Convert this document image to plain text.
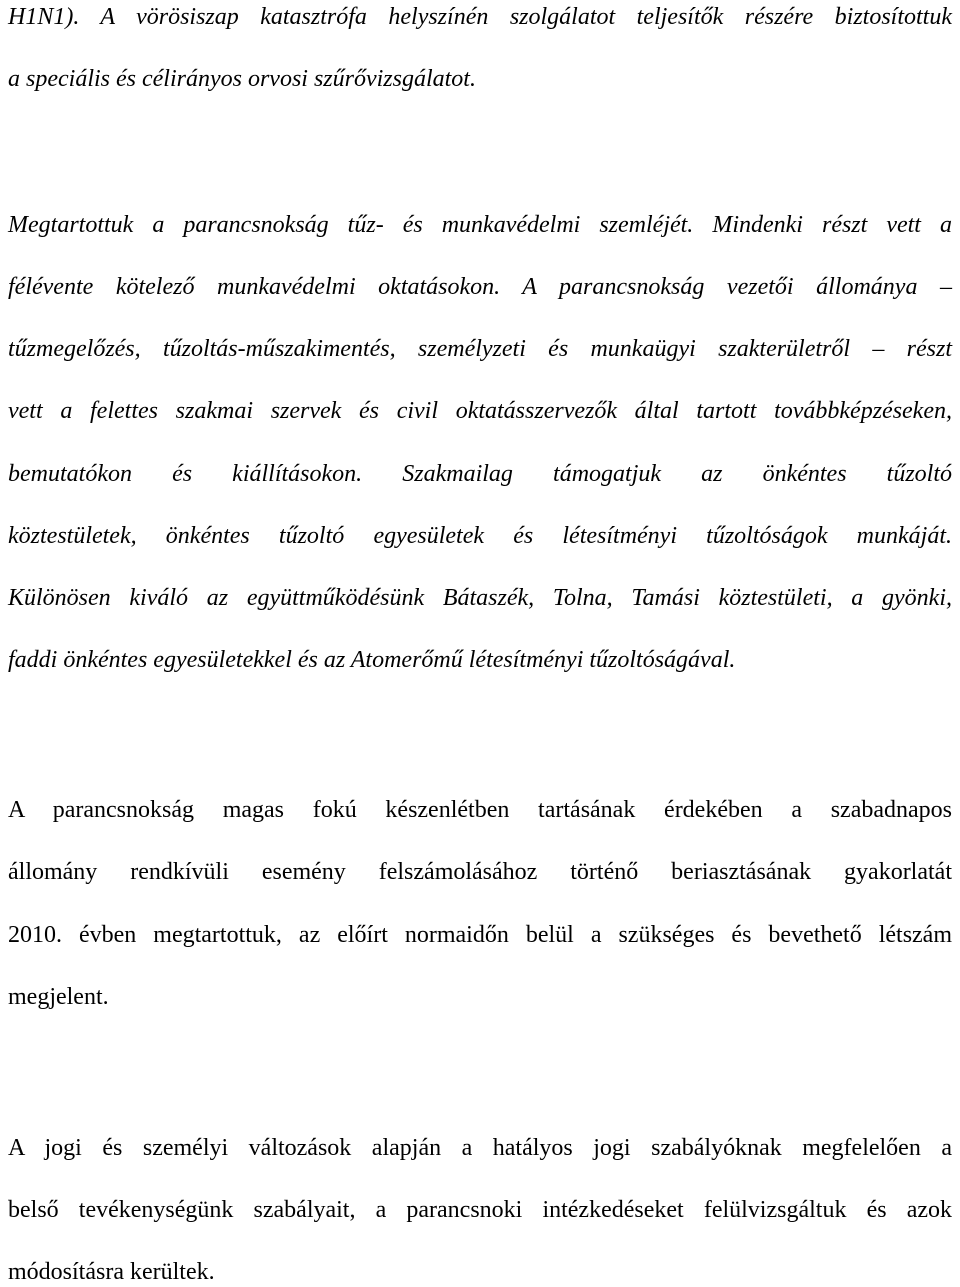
H1N1). A vörösiszap katasztrófa helyszínén szolgálatot teljesítők részére biztosítottuk
a speciális és célirányos orvosi szűrővizsgálatot.
Megtartottuk a parancsnokság tűz- és munkavédelmi szemléjét. Mindenki részt vett a
félévente kötelező munkavédelmi oktatásokon. A parancsnokság vezetői állománya –
tűzmegelőzés, tűzoltás-műszakimentés, személyzeti és munkaügyi szakterületről – részt
vett a felettes szakmai szervek és civil oktatásszervezők által tartott továbbképzéseken,
bemutatókon és kiállításokon. Szakmailag támogatjuk az önkéntes tűzoltó
köztestületek, önkéntes tűzoltó egyesületek és létesítményi tűzoltóságok munkáját.
Különösen kiváló az együttműködésünk Bátaszék, Tolna, Tamási köztestületi, a gyönki,
faddi önkéntes egyesületekkel és az Atomerőmű létesítményi tűzoltóságával.
A parancsnokság magas fokú készenlétben tartásának érdekében a szabadnapos
állomány rendkívüli esemény felszámolásához történő beriasztásának gyakorlatát
2010. évben megtartottuk, az előírt normaidőn belül a szükséges és bevethető létszám
megjelent.
A jogi és személyi változások alapján a hatályos jogi szabályóknak megfelelően a
belső tevékenységünk szabályait, a parancsnoki intézkedéseket felülvizsgáltuk és azok
módosításra kerültek.
